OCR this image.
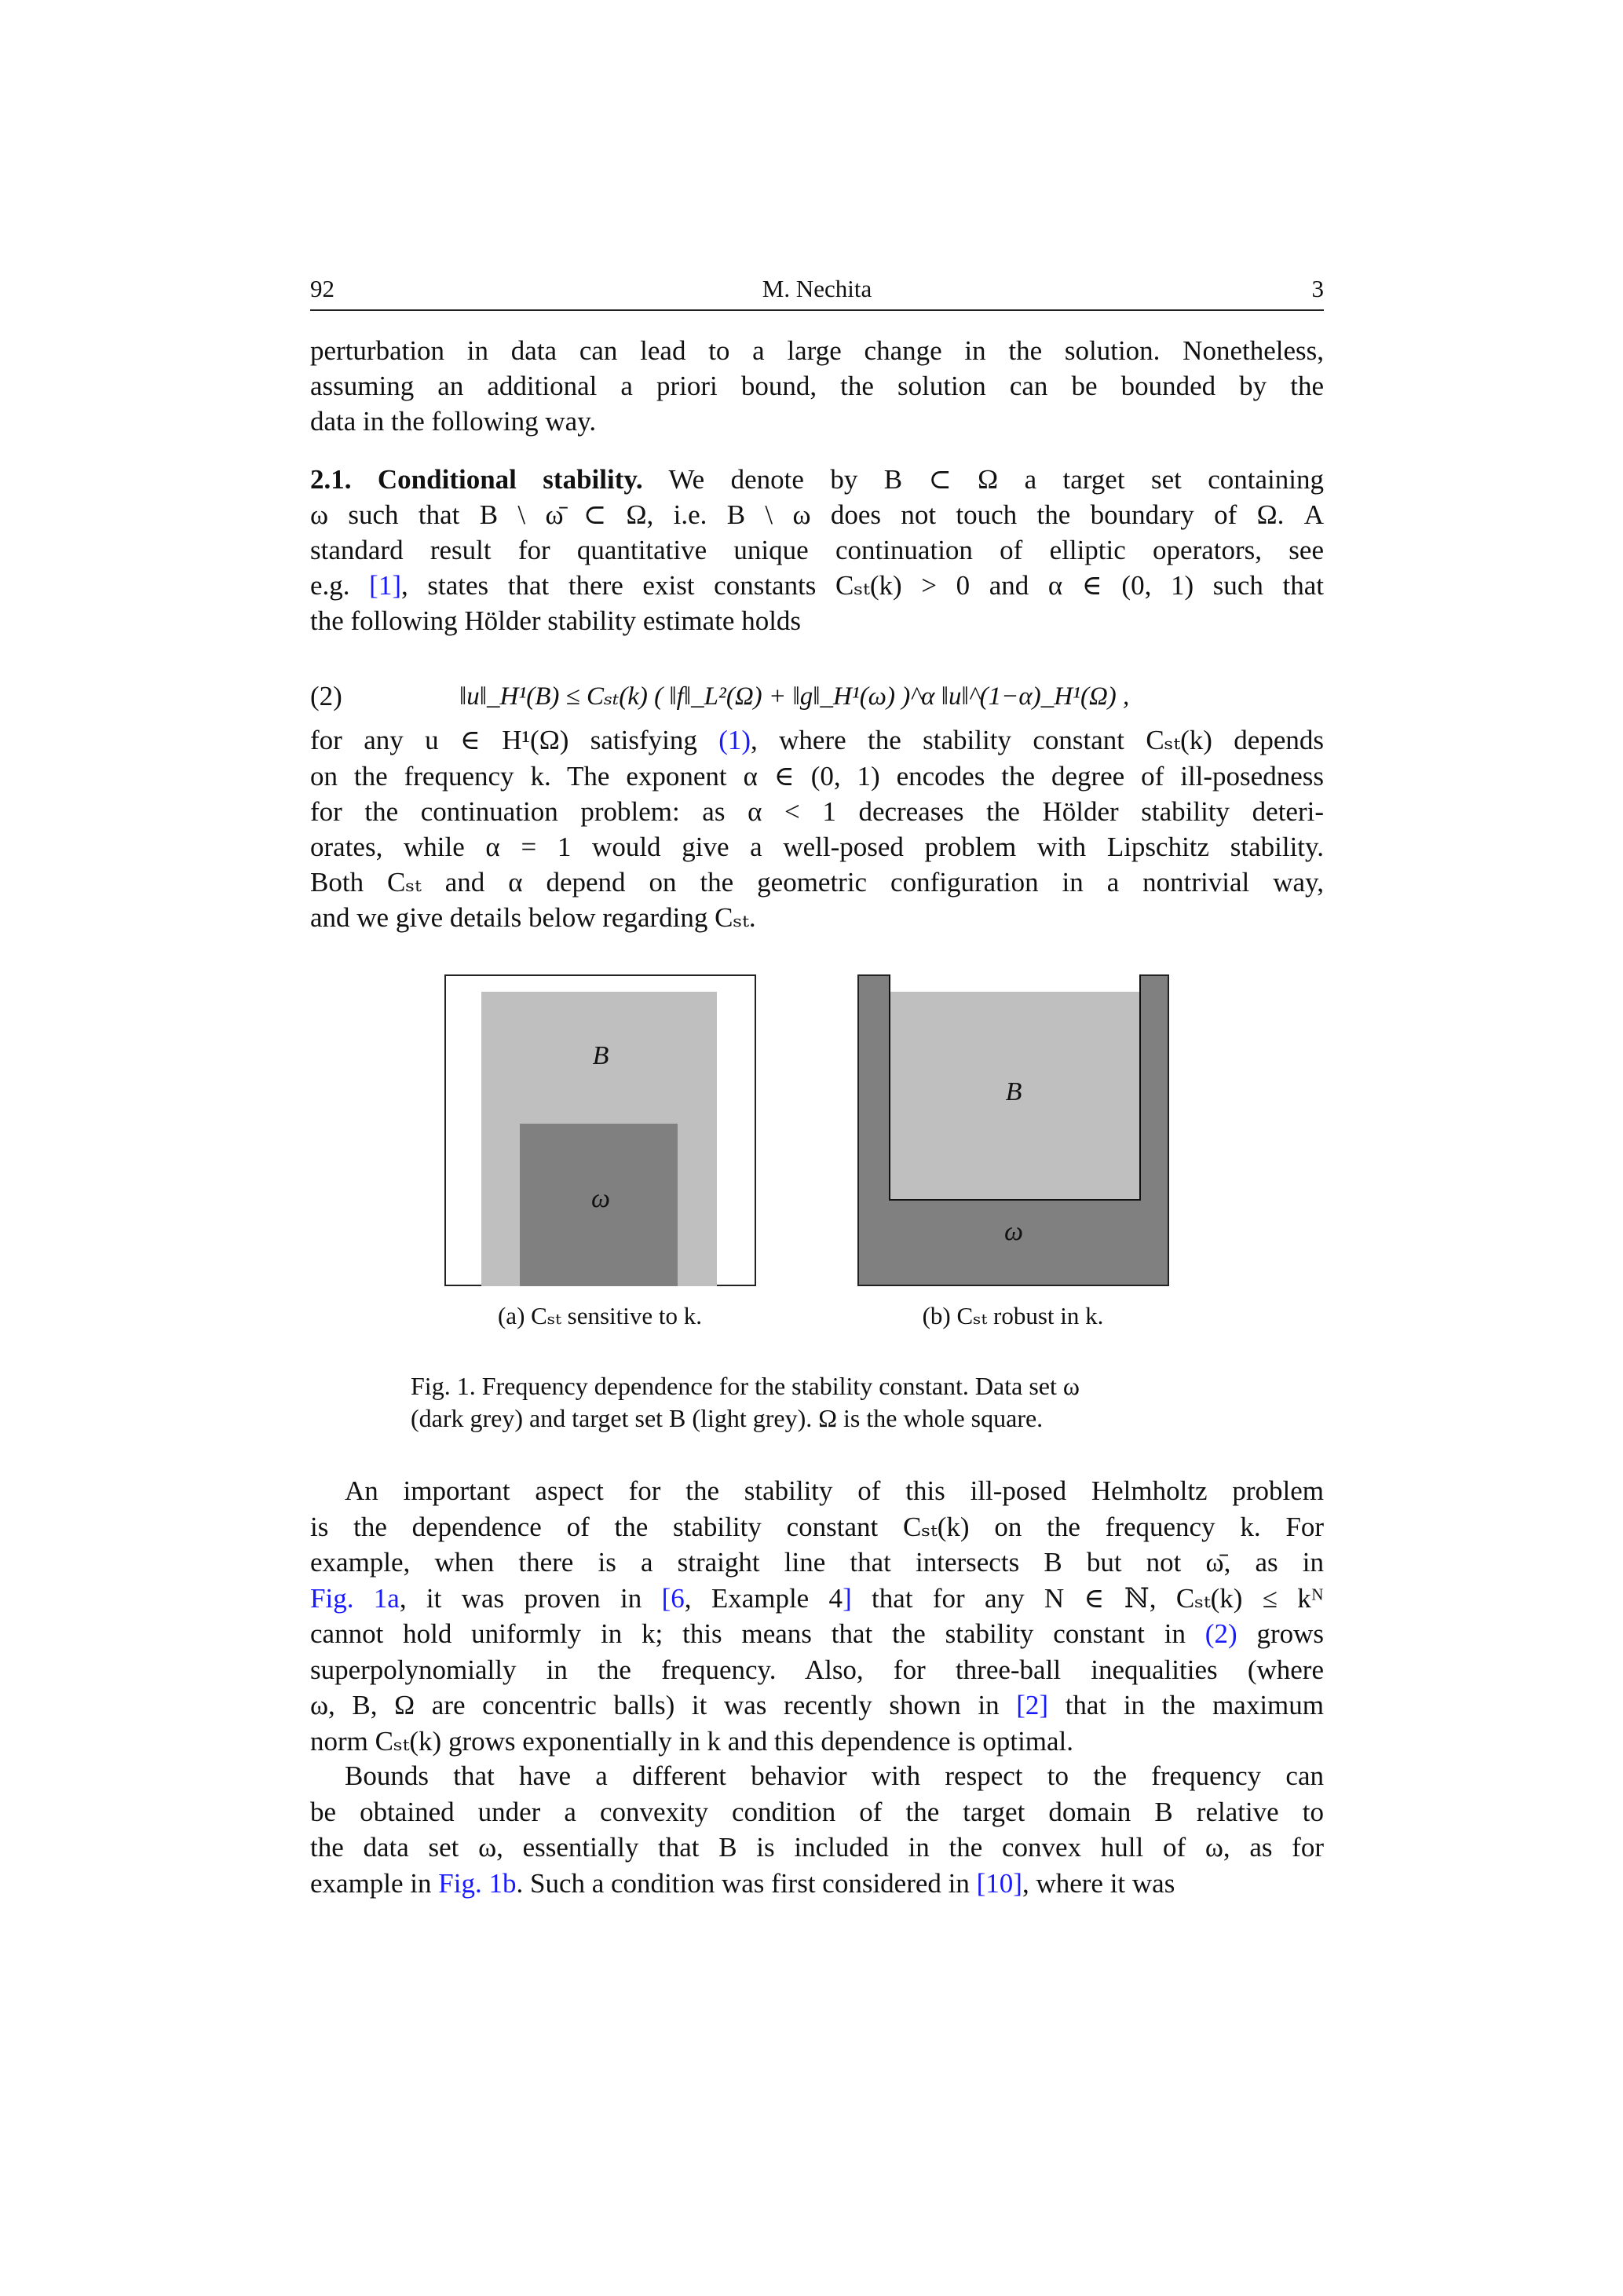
92	M. Nechita	3
perturbation in data can lead to a large change in the solution. Nonetheless,
assuming an additional a priori bound, the solution can be bounded by the
data in the following way.
2.1. Conditional stability. We denote by B ⊂ Ω a target set containing
ω such that B \ ω̄ ⊂ Ω, i.e. B \ ω does not touch the boundary of Ω. A
standard result for quantitative unique continuation of elliptic operators, see
e.g. [1], states that there exist constants Cₛₜ(k) > 0 and α ∈ (0, 1) such that
the following Hölder stability estimate holds
for any u ∈ H¹(Ω) satisfying (1), where the stability constant Cₛₜ(k) depends
on the frequency k. The exponent α ∈ (0, 1) encodes the degree of ill-posedness
for the continuation problem: as α < 1 decreases the Hölder stability deteri-
orates, while α = 1 would give a well-posed problem with Lipschitz stability.
Both Cₛₜ and α depend on the geometric configuration in a nontrivial way,
and we give details below regarding Cₛₜ.
An important aspect for the stability of this ill-posed Helmholtz problem
is the dependence of the stability constant Cₛₜ(k) on the frequency k. For
example, when there is a straight line that intersects B but not ω̄, as in
Fig. 1a, it was proven in [6, Example 4] that for any N ∈ ℕ, Cₛₜ(k) ≤ kᴺ
cannot hold uniformly in k; this means that the stability constant in (2) grows
superpolynomially in the frequency. Also, for three-ball inequalities (where
ω, B, Ω are concentric balls) it was recently shown in [2] that in the maximum
norm Cₛₜ(k) grows exponentially in k and this dependence is optimal.
Bounds that have a different behavior with respect to the frequency can
be obtained under a convexity condition of the target domain B relative to
the data set ω, essentially that B is included in the convex hull of ω, as for
example in Fig. 1b. Such a condition was first considered in [10], where it was
(2)	‖u‖_H¹(B) ≤ Cₛₜ(k) ( ‖f‖_L²(Ω) + ‖g‖_H¹(ω) )^α ‖u‖^(1−α)_H¹(Ω) ,
B
ω
B
ω
(a) Cₛₜ sensitive to k.	(b) Cₛₜ robust in k.
Fig. 1. Frequency dependence for the stability constant. Data set ω
(dark grey) and target set B (light grey). Ω is the whole square.
